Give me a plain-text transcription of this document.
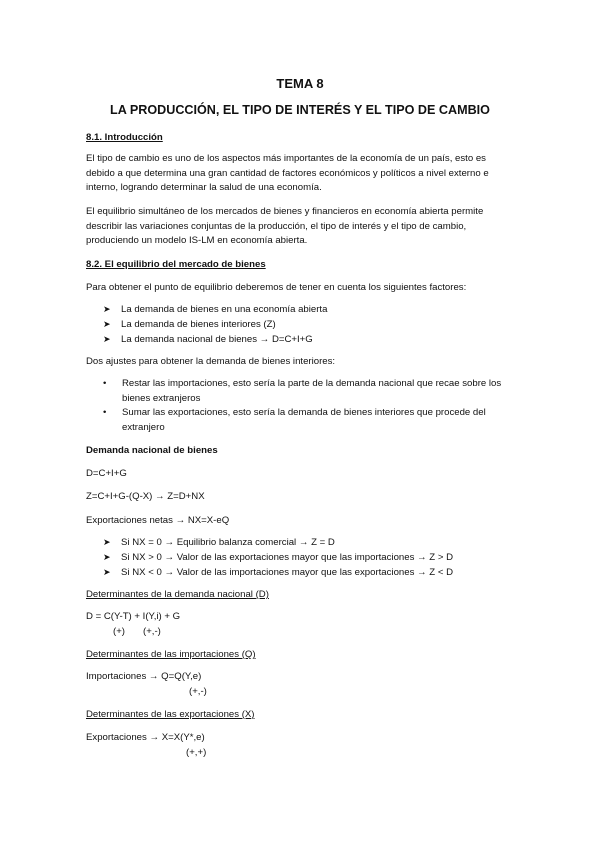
TEMA 8
LA PRODUCCIÓN, EL TIPO DE INTERÉS Y EL TIPO DE CAMBIO
8.1. Introducción
El tipo de cambio es uno de los aspectos más importantes de la economía de un país, esto es debido a que determina una gran cantidad de factores económicos y políticos a nivel externo e interno, logrando determinar la salud de una economía.
El equilibrio simultáneo de los mercados de bienes y financieros en economía abierta permite describir las variaciones conjuntas de la producción, el tipo de interés y el tipo de cambio, produciendo un modelo IS-LM en economía abierta.
8.2. El equilibrio del mercado de bienes
Para obtener el punto de equilibrio deberemos de tener en cuenta los siguientes factores:
➤ La demanda de bienes en una economía abierta
➤ La demanda de bienes interiores (Z)
➤ La demanda nacional de bienes → D=C+I+G
Dos ajustes para obtener la demanda de bienes interiores:
• Restar las importaciones, esto sería la parte de la demanda nacional que recae sobre los bienes extranjeros
• Sumar las exportaciones, esto sería la demanda de bienes interiores que procede del extranjero
Demanda nacional de bienes
D=C+I+G
Z=C+I+G-(Q-X) → Z=D+NX
Exportaciones netas → NX=X-eQ
➤ Si NX = 0 → Equilibrio balanza comercial → Z = D
➤ Si NX > 0 → Valor de las exportaciones mayor que las importaciones → Z > D
➤ Si NX < 0 → Valor de las importaciones mayor que las exportaciones → Z < D
Determinantes de la demanda nacional (D)
D = C(Y-T) + I(Y,i) + G
(+) (+,-)
Determinantes de las importaciones (Q)
Importaciones → Q=Q(Y,e)
(+,-)
Determinantes de las exportaciones (X)
Exportaciones → X=X(Y*,e)
(+,+)
